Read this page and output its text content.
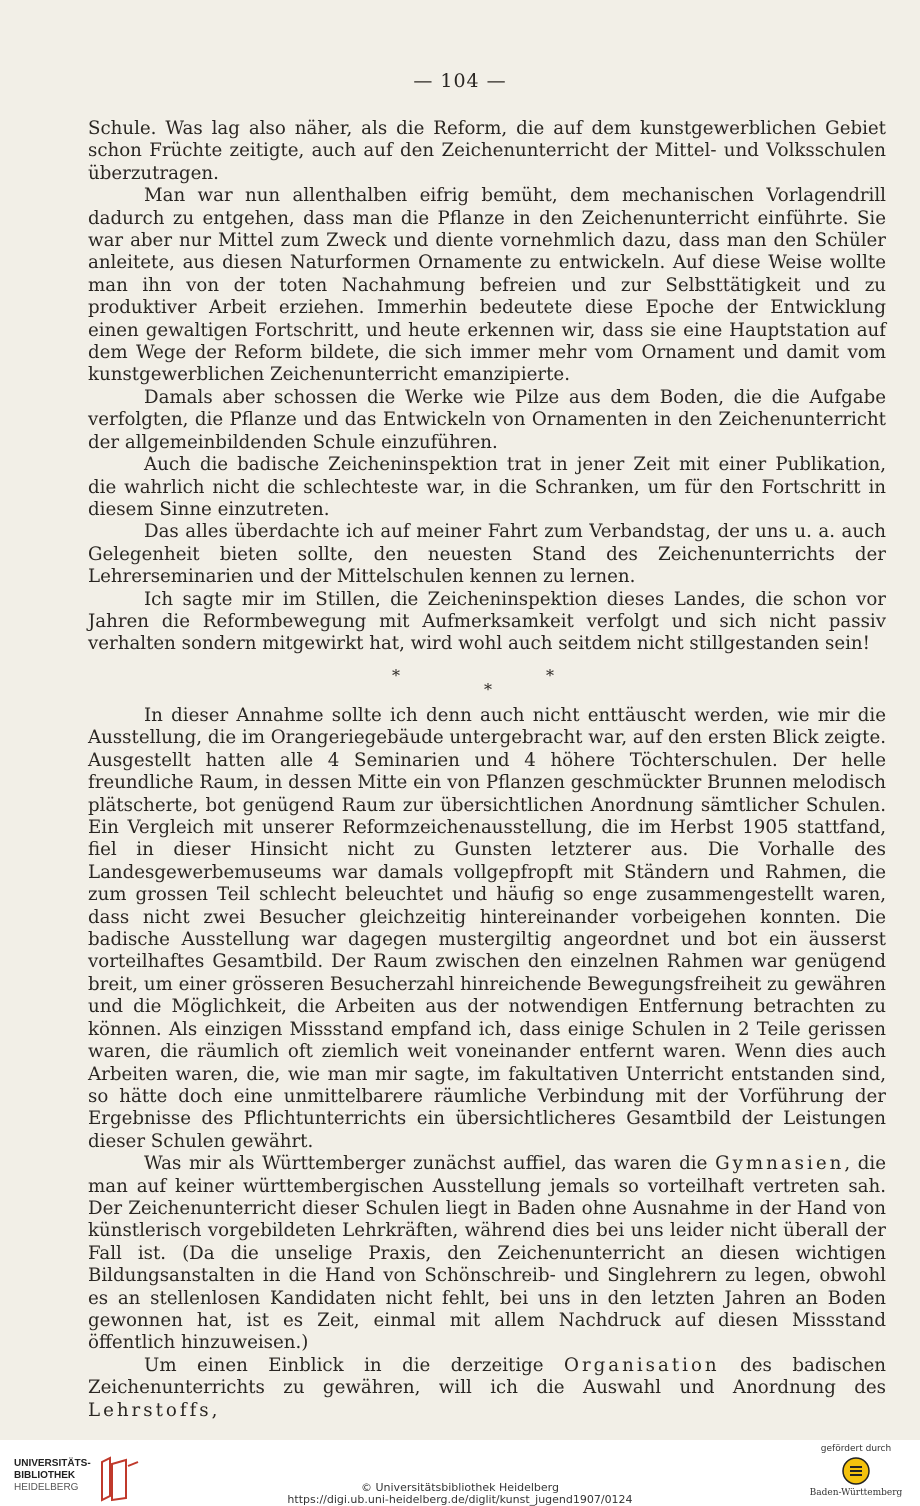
— 104 —

Schule. Was lag also näher, als die Reform, die auf dem kunstgewerblichen Gebiet schon Früchte zeitigte, auch auf den Zeichenunterricht der Mittel- und Volksschulen überzutragen.

Man war nun allenthalben eifrig bemüht, dem mechanischen Vorlagendrill dadurch zu entgehen, dass man die Pflanze in den Zeichenunterricht einführte. Sie war aber nur Mittel zum Zweck und diente vornehmlich dazu, dass man den Schüler anleitete, aus diesen Naturformen Ornamente zu entwickeln. Auf diese Weise wollte man ihn von der toten Nachahmung befreien und zur Selbsttätigkeit und zu produktiver Arbeit erziehen. Immerhin bedeutete diese Epoche der Entwicklung einen gewaltigen Fortschritt, und heute erkennen wir, dass sie eine Hauptstation auf dem Wege der Reform bildete, die sich immer mehr vom Ornament und damit vom kunstgewerblichen Zeichenunterricht emanzipierte.

Damals aber schossen die Werke wie Pilze aus dem Boden, die die Aufgabe verfolgten, die Pflanze und das Entwickeln von Ornamenten in den Zeichenunterricht der allgemeinbildenden Schule einzuführen.

Auch die badische Zeicheninspektion trat in jener Zeit mit einer Publikation, die wahrlich nicht die schlechteste war, in die Schranken, um für den Fortschritt in diesem Sinne einzutreten.

Das alles überdachte ich auf meiner Fahrt zum Verbandstag, der uns u. a. auch Gelegenheit bieten sollte, den neuesten Stand des Zeichenunterrichts der Lehrerseminarien und der Mittelschulen kennen zu lernen.

Ich sagte mir im Stillen, die Zeicheninspektion dieses Landes, die schon vor Jahren die Reformbewegung mit Aufmerksamkeit verfolgt und sich nicht passiv verhalten sondern mitgewirkt hat, wird wohl auch seitdem nicht stillgestanden sein!

*	*
*

In dieser Annahme sollte ich denn auch nicht enttäuscht werden, wie mir die Ausstellung, die im Orangeriegebäude untergebracht war, auf den ersten Blick zeigte. Ausgestellt hatten alle 4 Seminarien und 4 höhere Töchterschulen. Der helle freundliche Raum, in dessen Mitte ein von Pflanzen geschmückter Brunnen melodisch plätscherte, bot genügend Raum zur übersichtlichen Anordnung sämtlicher Schulen. Ein Vergleich mit unserer Reformzeichenausstellung, die im Herbst 1905 stattfand, fiel in dieser Hinsicht nicht zu Gunsten letzterer aus. Die Vorhalle des Landesgewerbemuseums war damals vollgepfropft mit Ständern und Rahmen, die zum grossen Teil schlecht beleuchtet und häufig so enge zusammengestellt waren, dass nicht zwei Besucher gleichzeitig hintereinander vorbeigehen konnten. Die badische Ausstellung war dagegen mustergiltig angeordnet und bot ein äusserst vorteilhaftes Gesamtbild. Der Raum zwischen den einzelnen Rahmen war genügend breit, um einer grösseren Besucherzahl hinreichende Bewegungsfreiheit zu gewähren und die Möglichkeit, die Arbeiten aus der notwendigen Entfernung betrachten zu können. Als einzigen Missstand empfand ich, dass einige Schulen in 2 Teile gerissen waren, die räumlich oft ziemlich weit voneinander entfernt waren. Wenn dies auch Arbeiten waren, die, wie man mir sagte, im fakultativen Unterricht entstanden sind, so hätte doch eine unmittelbarere räumliche Verbindung mit der Vorführung der Ergebnisse des Pflichtunterrichts ein übersichtlicheres Gesamtbild der Leistungen dieser Schulen gewährt.

Was mir als Württemberger zunächst auffiel, das waren die Gymnasien, die man auf keiner württembergischen Ausstellung jemals so vorteilhaft vertreten sah. Der Zeichenunterricht dieser Schulen liegt in Baden ohne Ausnahme in der Hand von künstlerisch vorgebildeten Lehrkräften, während dies bei uns leider nicht überall der Fall ist. (Da die unselige Praxis, den Zeichenunterricht an diesen wichtigen Bildungsanstalten in die Hand von Schönschreib- und Singlehrern zu legen, obwohl es an stellenlosen Kandidaten nicht fehlt, bei uns in den letzten Jahren an Boden gewonnen hat, ist es Zeit, einmal mit allem Nachdruck auf diesen Missstand öffentlich hinzuweisen.)

Um einen Einblick in die derzeitige Organisation des badischen Zeichenunterrichts zu gewähren, will ich die Auswahl und Anordnung des Lehrstoffs,

UNIVERSITÄTS-
BIBLIOTHEK
HEIDELBERG	© Universitätsbibliothek Heidelberg
https://digi.ub.uni-heidelberg.de/diglit/kunst_jugend1907/0124
gefördert durch
Baden-Württemberg
